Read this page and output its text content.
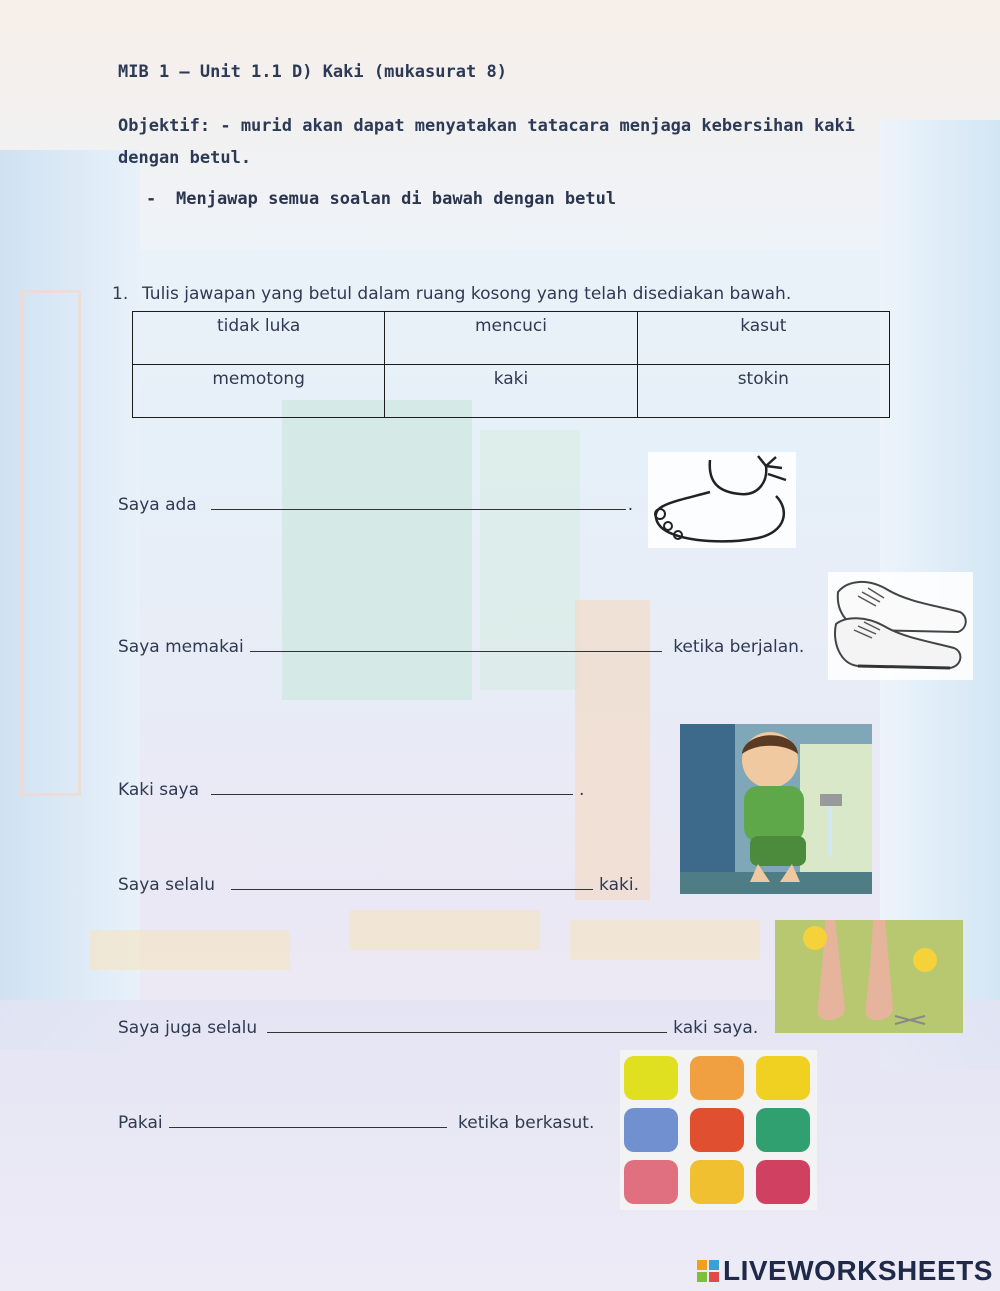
MIB 1 – Unit 1.1 D) Kaki (mukasurat 8)
Objektif: - murid akan dapat menyatakan tatacara menjaga kebersihan kaki dengan betul.
- Menjawap semua soalan di bawah dengan betul
1. Tulis jawapan yang betul dalam ruang kosong yang telah disediakan bawah.
tidak luka	mencuci	kasut
memotong	kaki	stokin
Saya ada	.
Saya memakai	ketika berjalan.
Kaki saya	.
Saya selalu	kaki.
Saya juga selalu	kaki saya.
Pakai	ketika berkasut.
LIVEWORKSHEETS
